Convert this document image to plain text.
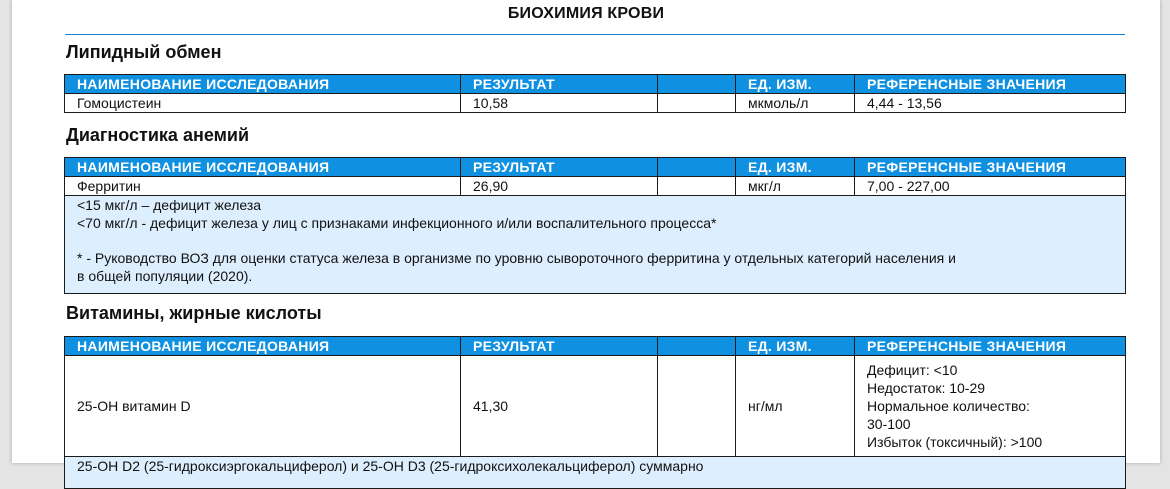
БИОХИМИЯ КРОВИ
Липидный обмен
НАИМЕНОВАНИЕ ИССЛЕДОВАНИЯ	РЕЗУЛЬТАТ		ЕД. ИЗМ.	РЕФЕРЕНСНЫЕ ЗНАЧЕНИЯ
Гомоцистеин	10,58		мкмоль/л	4,44 - 13,56
Диагностика анемий
НАИМЕНОВАНИЕ ИССЛЕДОВАНИЯ	РЕЗУЛЬТАТ		ЕД. ИЗМ.	РЕФЕРЕНСНЫЕ ЗНАЧЕНИЯ
Ферритин	26,90		мкг/л	7,00 - 227,00

<15 мкг/л – дефицит железа
<70 мкг/л - дефицит железа у лиц с признаками инфекционного и/или воспалительного процесса*
* - Руководство ВОЗ для оценки статуса железа в организме по уровню сывороточного ферритина у отдельных категорий населения и
в общей популяции (2020).				
Витамины, жирные кислоты
НАИМЕНОВАНИЕ ИССЛЕДОВАНИЯ	РЕЗУЛЬТАТ		ЕД. ИЗМ.	РЕФЕРЕНСНЫЕ ЗНАЧЕНИЯ
25-OH витамин D	41,30		нг/мл	Дефицит: <10
Недостаток: 10-29
Нормальное количество:
30-100
Избыток (токсичный): >100

25-OH D2 (25-гидроксиэргокальциферол) и 25-OH D3 (25-гидроксихолекальциферол) суммарно				
